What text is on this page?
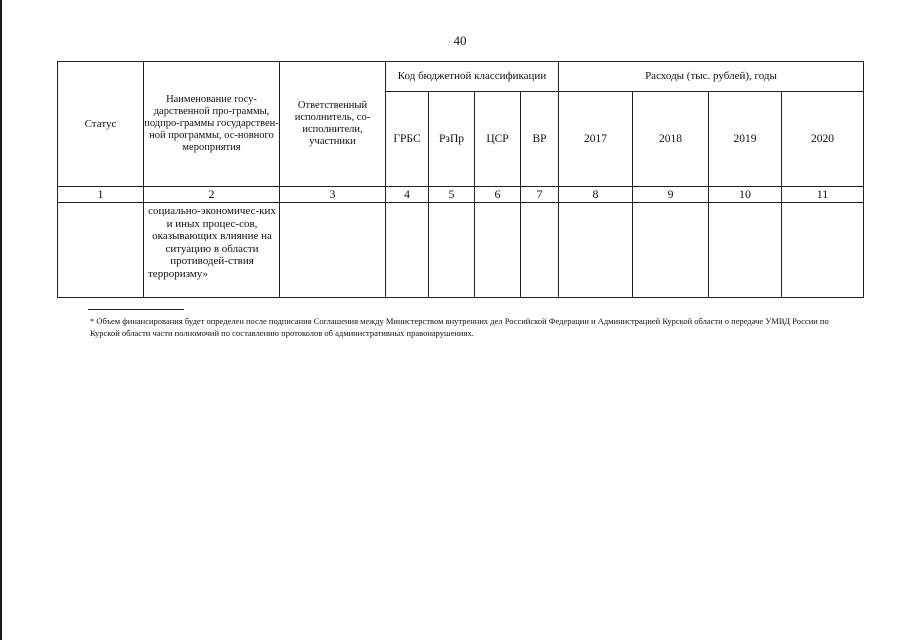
40
Статус	Наименование госу-дарственной про-граммы, подпро-граммы государствен-ной программы, ос-новного мероприятия	Ответственный исполнитель, со-исполнители, участники	Код бюджетной классификации				Расходы (тыс. рублей), годы			
			ГРБС	РзПр	ЦСР	ВР	2017	2018	2019	2020
1	2	3	4	5	6	7	8	9	10	11
	социально-экономичес-ких и иных процес-сов, оказывающих влияние на ситуацию в области противодей-ствия терроризму»									
* Объем финансирования будет определен после подписания Соглашения между Министерством внутренних дел Российской Федерации и Администрацией Курской области о передаче УМВД России по Курской области части полномочий по составлению протоколов об административных правонарушениях.
